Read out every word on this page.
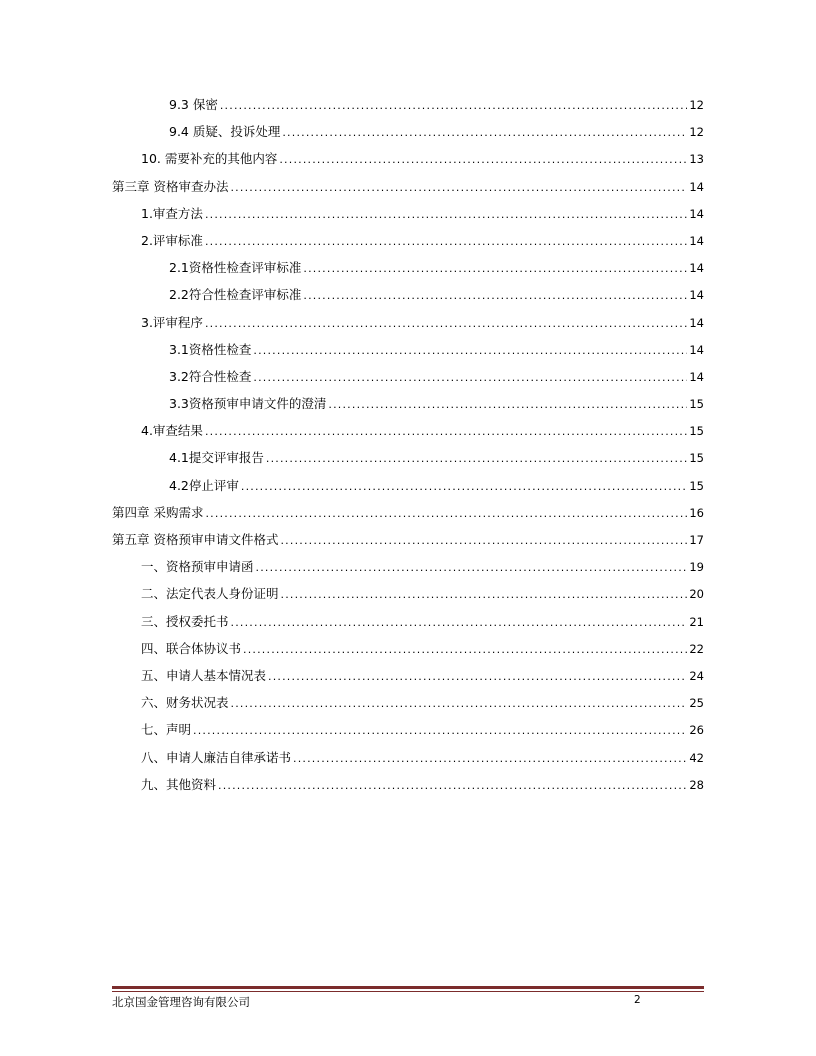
9.3 保密 .....	12
9.4 质疑、投诉处理 .....	12
10. 需要补充的其他内容 .....	13
第三章 资格审查办法 .....	14
1.审查方法 .....	14
2.评审标准 .....	14
2.1资格性检查评审标准 .....	14
2.2符合性检查评审标准 .....	14
3.评审程序 .....	14
3.1资格性检查 .....	14
3.2符合性检查 .....	14
3.3资格预审申请文件的澄清 .....	15
4.审查结果 .....	15
4.1提交评审报告 .....	15
4.2停止评审 .....	15
第四章 采购需求 .....	16
第五章 资格预审申请文件格式 .....	17
一、资格预审申请函 .....	19
二、法定代表人身份证明 .....	20
三、授权委托书 .....	21
四、联合体协议书 .....	22
五、申请人基本情况表 .....	24
六、财务状况表 .....	25
七、声明 .....	26
八、申请人廉洁自律承诺书 .....	42
九、其他资料 .....	28
北京国金管理咨询有限公司	2
